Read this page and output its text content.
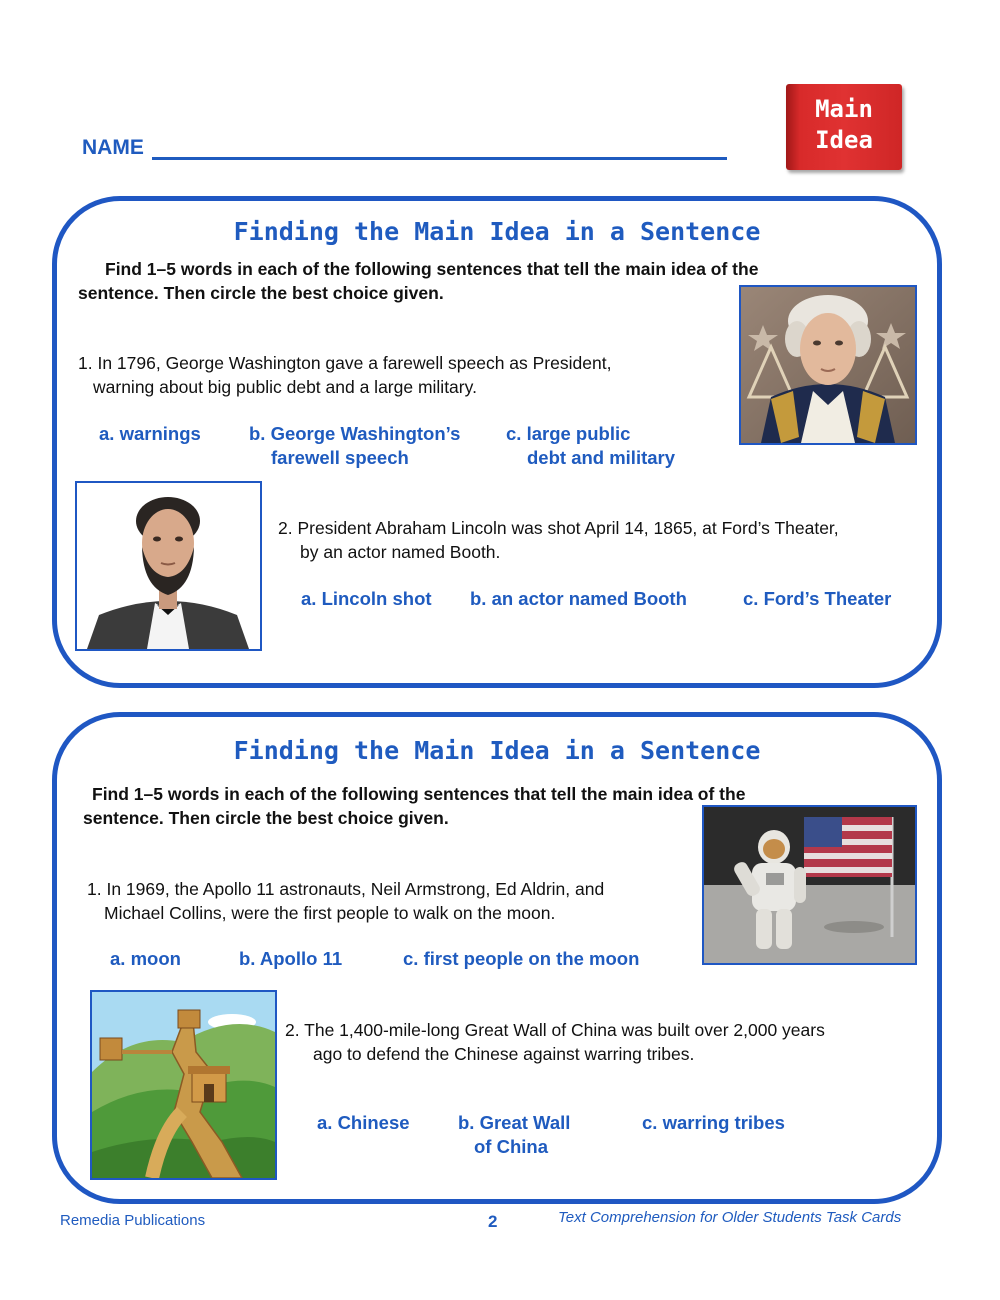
NAME
Main
Idea
Finding the Main Idea in a Sentence
Find 1–5 words in each of the following sentences that tell the main idea of the
sentence. Then circle the best choice given.
1. In 1796, George Washington gave a farewell speech as President,
warning about big public debt and a large military.
a. warnings	b. George Washington’s
farewell speech
c. large public
debt and military
2. President Abraham Lincoln was shot April 14, 1865, at Ford’s Theater,
by an actor named Booth.
a. Lincoln shot b. an actor named Booth	c. Ford’s Theater
Finding the Main Idea in a Sentence
Find 1–5 words in each of the following sentences that tell the main idea of the
sentence. Then circle the best choice given.
1. In 1969, the Apollo 11 astronauts, Neil Armstrong, Ed Aldrin, and
Michael Collins, were the first people to walk on the moon.
a. moon	b. Apollo 11	c. first people on the moon
2. The 1,400-mile-long Great Wall of China was built over 2,000 years
ago to defend the Chinese against warring tribes.
a. Chinese	b. Great Wall
of China
c. warring tribes
Remedia Publications	2	Text Comprehension for Older Students Task Cards
